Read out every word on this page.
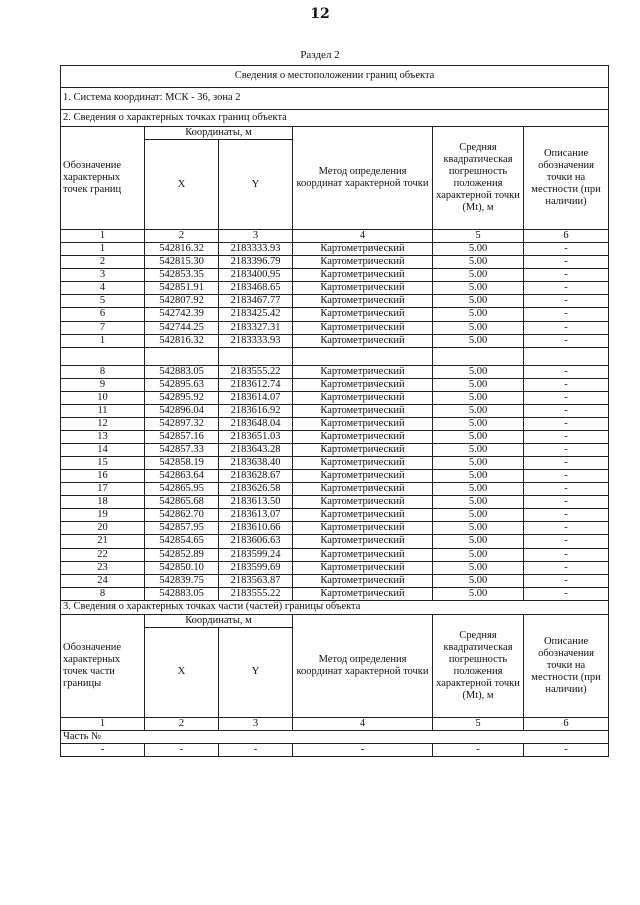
12
Раздел 2
Сведения о местоположении границ объекта					
1. Система координат: МСК - 36, зона 2					
2. Сведения о характерных точках границ объекта					
Обозначение характерных точек границ	Координаты, м		Метод определения координат характерной точки	Средняя квадратическая погрешность положения характерной точки (Mt), м	Описание обозначения точки на местности (при наличии)
	X	Y			
1	2	3	4	5	6
1	542816.32	2183333.93	Картометрический	5.00	-
2	542815.30	2183396.79	Картометрический	5.00	-
3	542853.35	2183400.95	Картометрический	5.00	-
4	542851.91	2183468.65	Картометрический	5.00	-
5	542807.92	2183467.77	Картометрический	5.00	-
6	542742.39	2183425.42	Картометрический	5.00	-
7	542744.25	2183327.31	Картометрический	5.00	-
1	542816.32	2183333.93	Картометрический	5.00	-

8	542883.05	2183555.22	Картометрический	5.00	-
9	542895.63	2183612.74	Картометрический	5.00	-
10	542895.92	2183614.07	Картометрический	5.00	-
11	542896.04	2183616.92	Картометрический	5.00	-
12	542897.32	2183648.04	Картометрический	5.00	-
13	542857.16	2183651.03	Картометрический	5.00	-
14	542857.33	2183643.28	Картометрический	5.00	-
15	542858.19	2183638.40	Картометрический	5.00	-
16	542863.64	2183628.67	Картометрический	5.00	-
17	542865.95	2183626.58	Картометрический	5.00	-
18	542865.68	2183613.50	Картометрический	5.00	-
19	542862.70	2183613.07	Картометрический	5.00	-
20	542857.95	2183610.66	Картометрический	5.00	-
21	542854.65	2183606.63	Картометрический	5.00	-
22	542852.89	2183599.24	Картометрический	5.00	-
23	542850.10	2183599.69	Картометрический	5.00	-
24	542839.75	2183563.87	Картометрический	5.00	-
8	542883.05	2183555.22	Картометрический	5.00	-
3. Сведения о характерных точках части (частей) границы объекта					
Обозначение характерных точек части границы	Координаты, м		Метод определения координат характерной точки	Средняя квадратическая погрешность положения характерной точки (Mt), м	Описание обозначения точки на местности (при наличии)
	X	Y			
1	2	3	4	5	6
Часть №					
-	-	-	-	-	-
